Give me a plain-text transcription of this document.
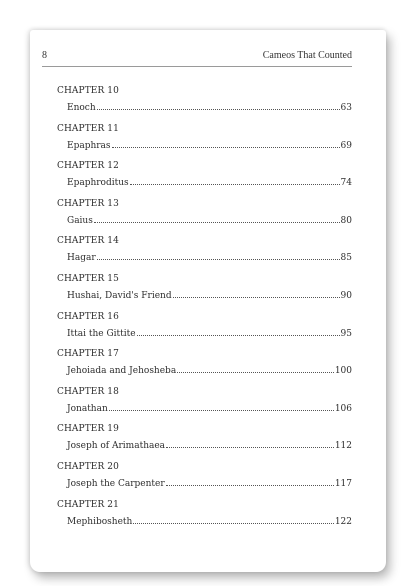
8	Cameos That Counted
CHAPTER 10
Enoch	63
CHAPTER 11
Epaphras	69
CHAPTER 12
Epaphroditus	74
CHAPTER 13
Gaius	80
CHAPTER 14
Hagar	85
CHAPTER 15
Hushai, David's Friend	90
CHAPTER 16
Ittai the Gittite	95
CHAPTER 17
Jehoiada and Jehosheba	100
CHAPTER 18
Jonathan	106
CHAPTER 19
Joseph of Arimathaea	112
CHAPTER 20
Joseph the Carpenter	117
CHAPTER 21
Mephibosheth	122
